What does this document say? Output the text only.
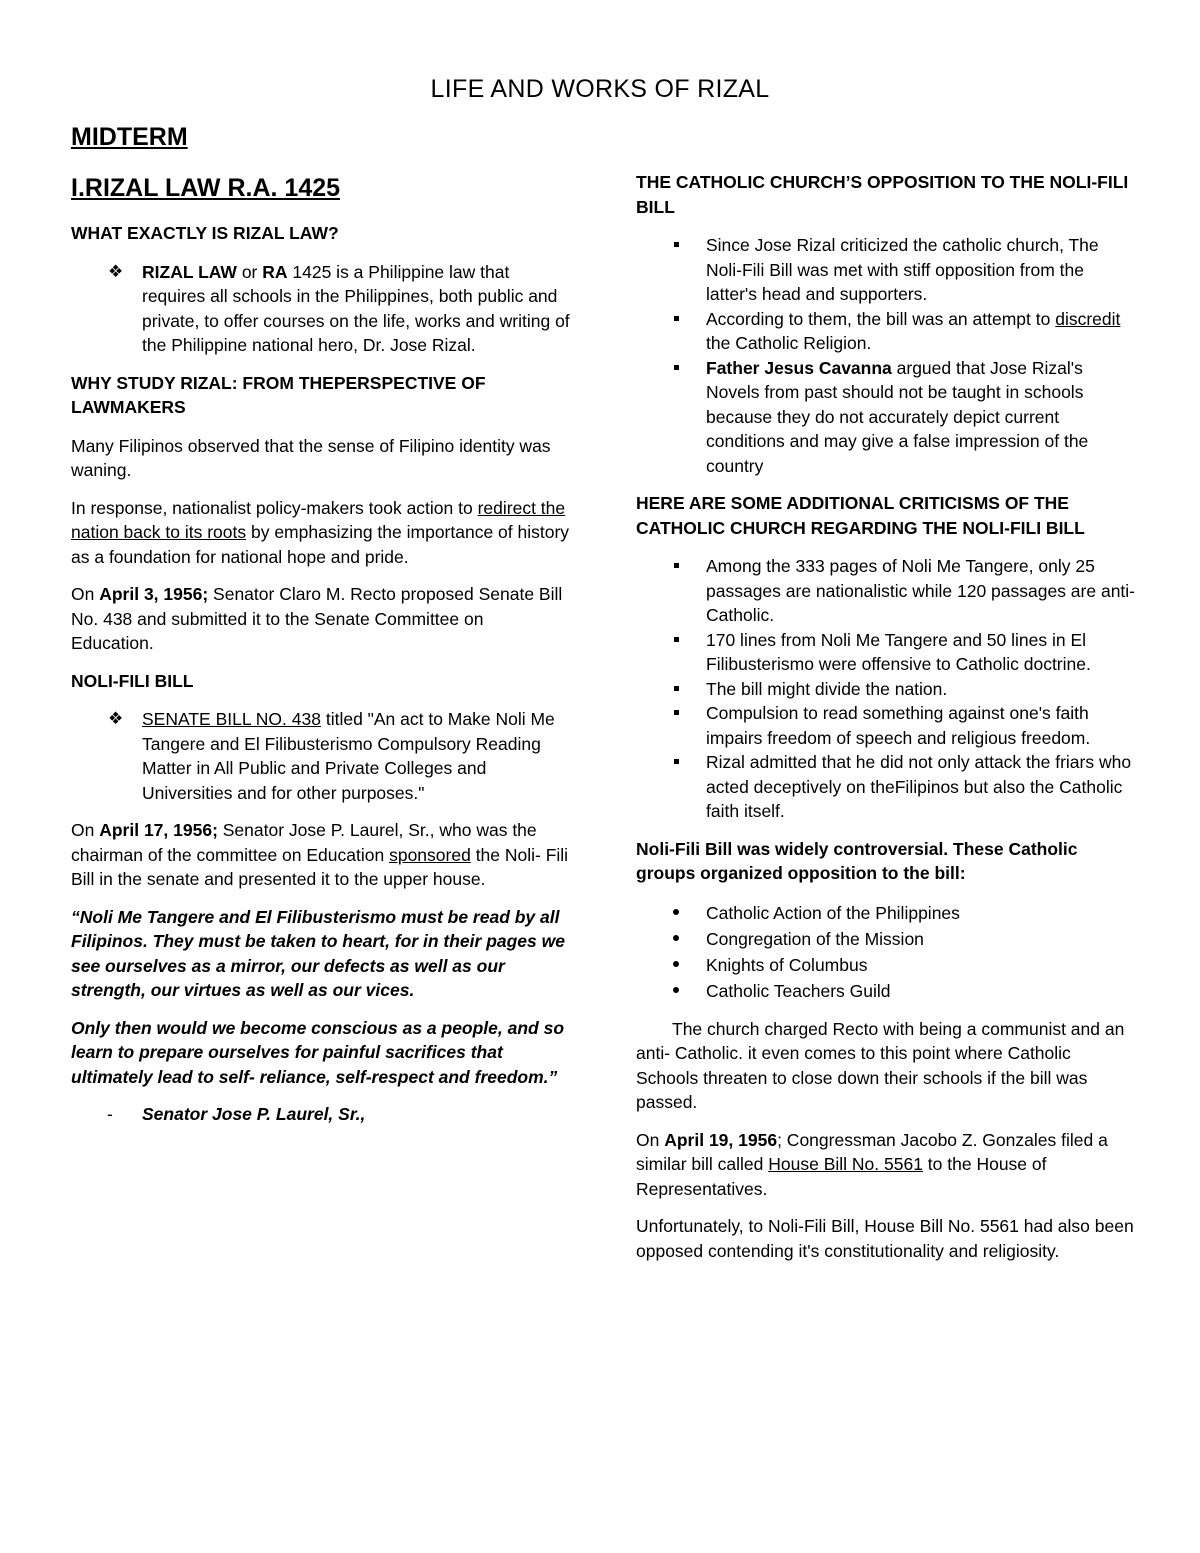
LIFE AND WORKS OF RIZAL
MIDTERM
I.RIZAL LAW R.A. 1425
WHAT EXACTLY IS RIZAL LAW?
❖ RIZAL LAW or RA 1425 is a Philippine law that requires all schools in the Philippines, both public and private, to offer courses on the life, works and writing of the Philippine national hero, Dr. Jose Rizal.
WHY STUDY RIZAL: FROM THEPERSPECTIVE OF LAWMAKERS

Many Filipinos observed that the sense of Filipino identity was waning.

In response, nationalist policy-makers took action to redirect the nation back to its roots by emphasizing the importance of history as a foundation for national hope and pride.

On April 3, 1956; Senator Claro M. Recto proposed Senate Bill No. 438 and submitted it to the Senate Committee on Education.

NOLI-FILI BILL
❖ SENATE BILL NO. 438 titled "An act to Make Noli Me Tangere and El Filibusterismo Compulsory Reading Matter in All Public and Private Colleges and Universities and for other purposes."

On April 17, 1956; Senator Jose P. Laurel, Sr., who was the chairman of the committee on Education sponsored the Noli- Fili Bill in the senate and presented it to the upper house.

“Noli Me Tangere and El Filibusterismo must be read by all Filipinos. They must be taken to heart, for in their pages we see ourselves as a mirror, our defects as well as our strength, our virtues as well as our vices.

Only then would we become conscious as a people, and so learn to prepare ourselves for painful sacrifices that ultimately lead to self- reliance, self-respect and freedom.”

- Senator Jose P. Laurel, Sr.,
THE CATHOLIC CHURCH’S OPPOSITION TO THE NOLI-FILI BILL
Since Jose Rizal criticized the catholic church, The Noli-Fili Bill was met with stiff opposition from the latter's head and supporters.
According to them, the bill was an attempt to discredit the Catholic Religion.
Father Jesus Cavanna argued that Jose Rizal's Novels from past should not be taught in schools because they do not accurately depict current conditions and may give a false impression of the country
HERE ARE SOME ADDITIONAL CRITICISMS OF THE CATHOLIC CHURCH REGARDING THE NOLI-FILI BILL
Among the 333 pages of Noli Me Tangere, only 25 passages are nationalistic while 120 passages are anti-Catholic.
170 lines from Noli Me Tangere and 50 lines in El Filibusterismo were offensive to Catholic doctrine.
The bill might divide the nation.
Compulsion to read something against one's faith impairs freedom of speech and religious freedom.
Rizal admitted that he did not only attack the friars who acted deceptively on theFilipinos but also the Catholic faith itself.
Noli-Fili Bill was widely controversial. These Catholic groups organized opposition to the bill:
Catholic Action of the Philippines
Congregation of the Mission
Knights of Columbus
Catholic Teachers Guild

The church charged Recto with being a communist and an anti- Catholic. it even comes to this point where Catholic Schools threaten to close down their schools if the bill was passed.

On April 19, 1956; Congressman Jacobo Z. Gonzales filed a similar bill called House Bill No. 5561 to the House of Representatives.

Unfortunately, to Noli-Fili Bill, House Bill No. 5561 had also been opposed contending it's constitutionality and religiosity.
